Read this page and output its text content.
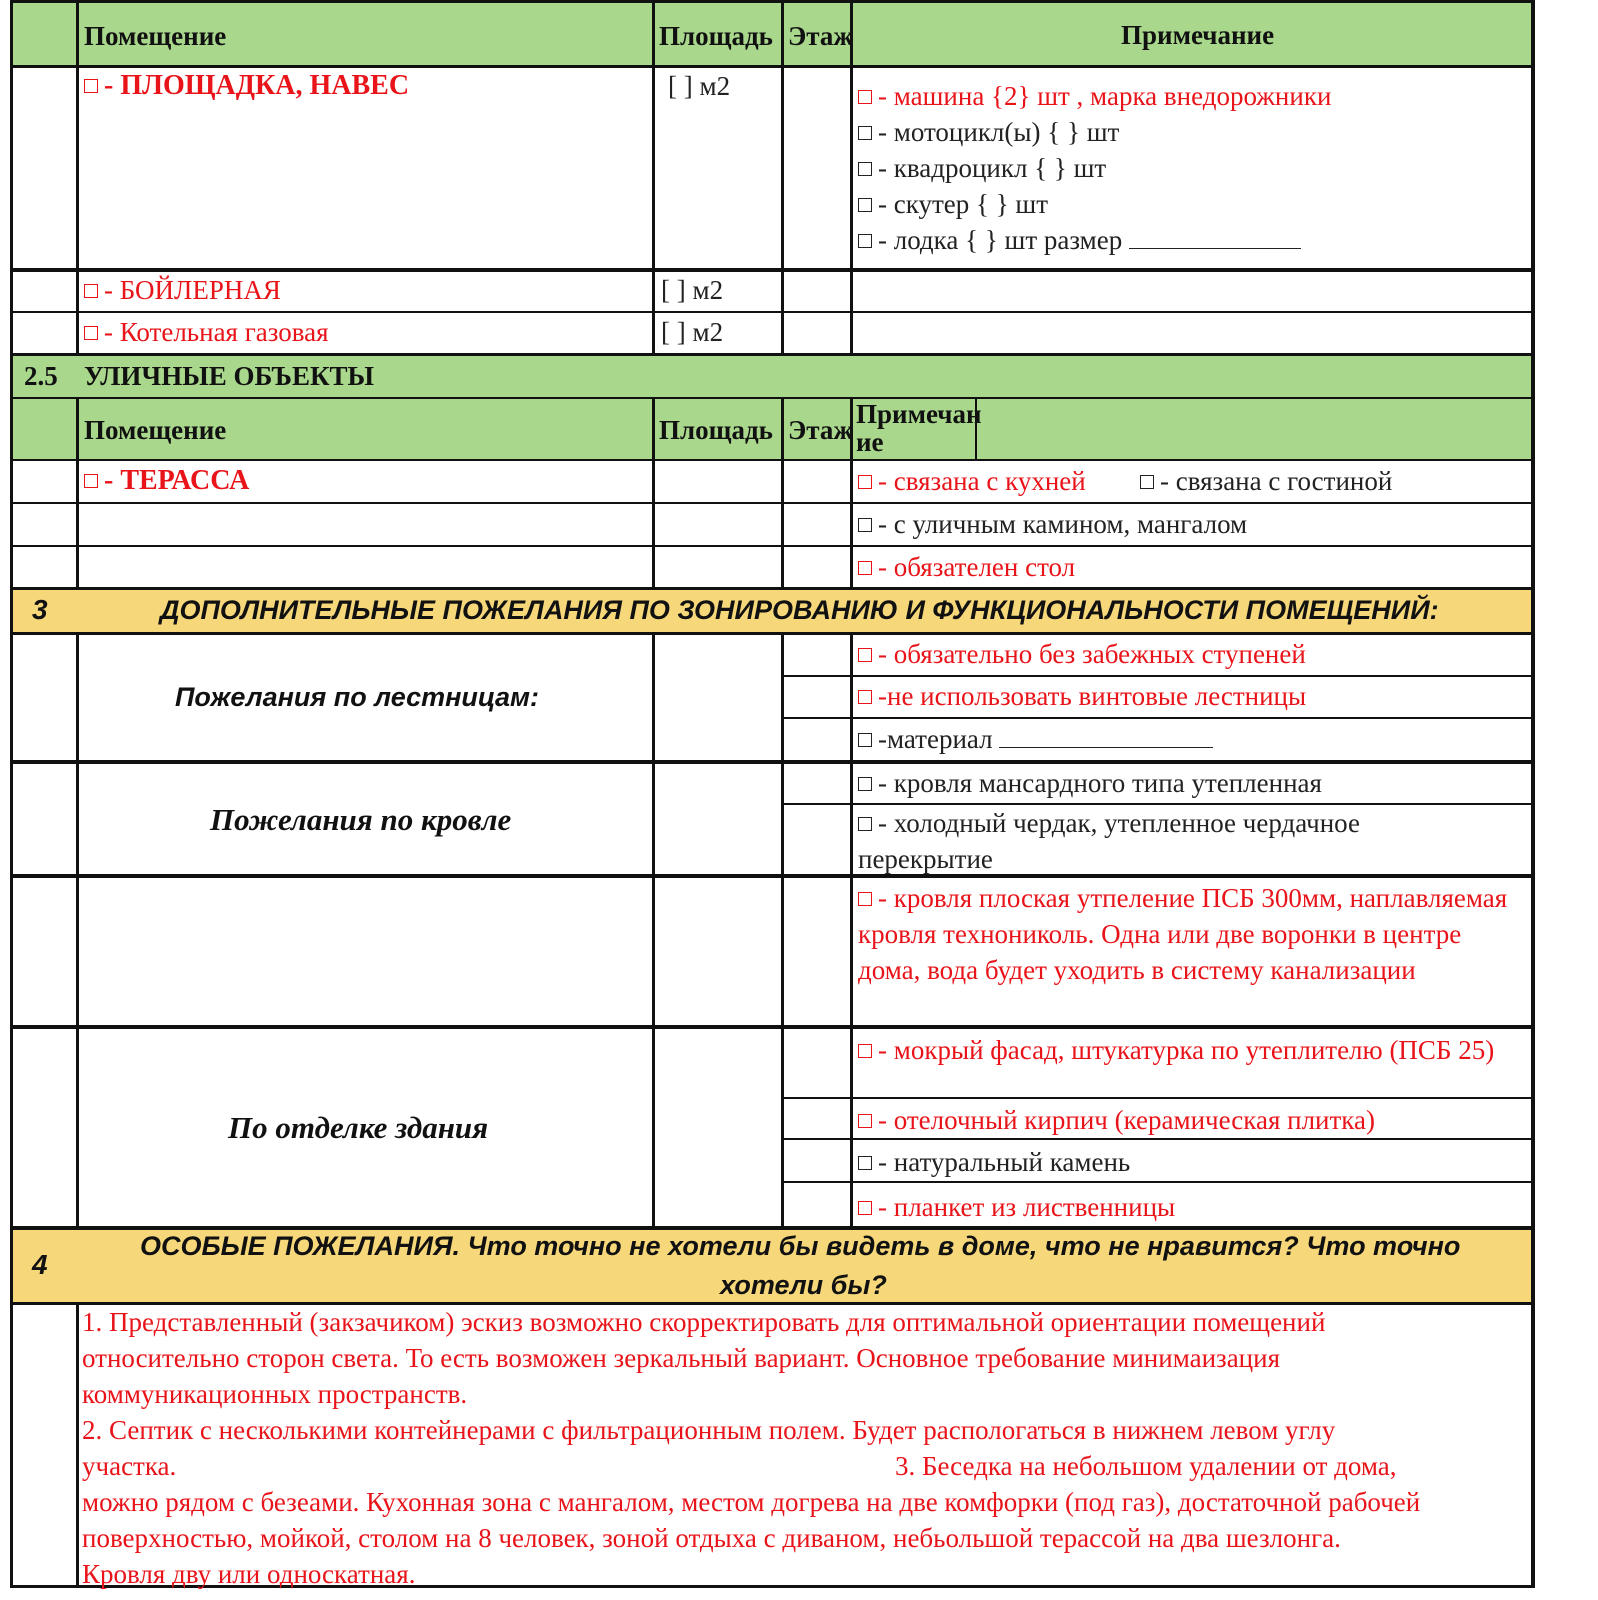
Помещение	Площадь Этаж	Примечание
- ПЛОЩАДКА, НАВЕС	[ ] м2	- машина {2} шт , марка внедорожники
- мотоцикл(ы) { } шт
- квадроцикл { } шт
- скутер { } шт
- лодка { } шт размер
- БОЙЛЕРНАЯ	[ ] м2
- Котельная газовая	[ ] м2
2.5 УЛИЧНЫЕ ОБЪЕКТЫ
Помещение	Площадь Этаж
Примечан
ие
- ТЕРАССА	- связана с кухней	- связана с гостиной
- с уличным камином, мангалом
- обязателен стол
3	ДОПОЛНИТЕЛЬНЫЕ ПОЖЕЛАНИЯ ПО ЗОНИРОВАНИЮ И ФУНКЦИОНАЛЬНОСТИ ПОМЕЩЕНИЙ:
Пожелания по лестницам:
- обязательно без забежных ступеней
-не использовать винтовые лестницы
-материал
Пожелания по кровле
- кровля мансардного типа утепленная
- холодный чердак, утепленное чердачное перекрытие
- кровля плоская утпеление ПСБ 300мм, наплавляемая кровля технониколь. Одна или две воронки в центре дома, вода будет уходить в систему канализации
По отделке здания
- мокрый фасад, штукатурка по утеплителю (ПСБ 25)
- отелочный кирпич (керамическая плитка)
- натуральный камень
- планкет из лиственницы
4
ОСОБЫЕ ПОЖЕЛАНИЯ. Что точно не хотели бы видеть в доме, что не нравится? Что точно
хотели бы?
1. Представленный (закзачиком) эскиз возможно скорректировать для оптимальной ориентации помещений
относительно сторон света. То есть возможен зеркальный вариант. Основное требование минимаизация
коммуникационных пространств.
2. Септик с несколькими контейнерами с фильтрационным полем. Будет распологаться в нижнем левом углу
участка.	3. Беседка на небольшом удалении от дома,
можно рядом с безеами. Кухонная зона с мангалом, местом догрева на две комфорки (под газ), достаточной рабочей
поверхностью, мойкой, столом на 8 человек, зоной отдыха с диваном, небьольшой терассой на два шезлонга.
Кровля дву или односкатная.
